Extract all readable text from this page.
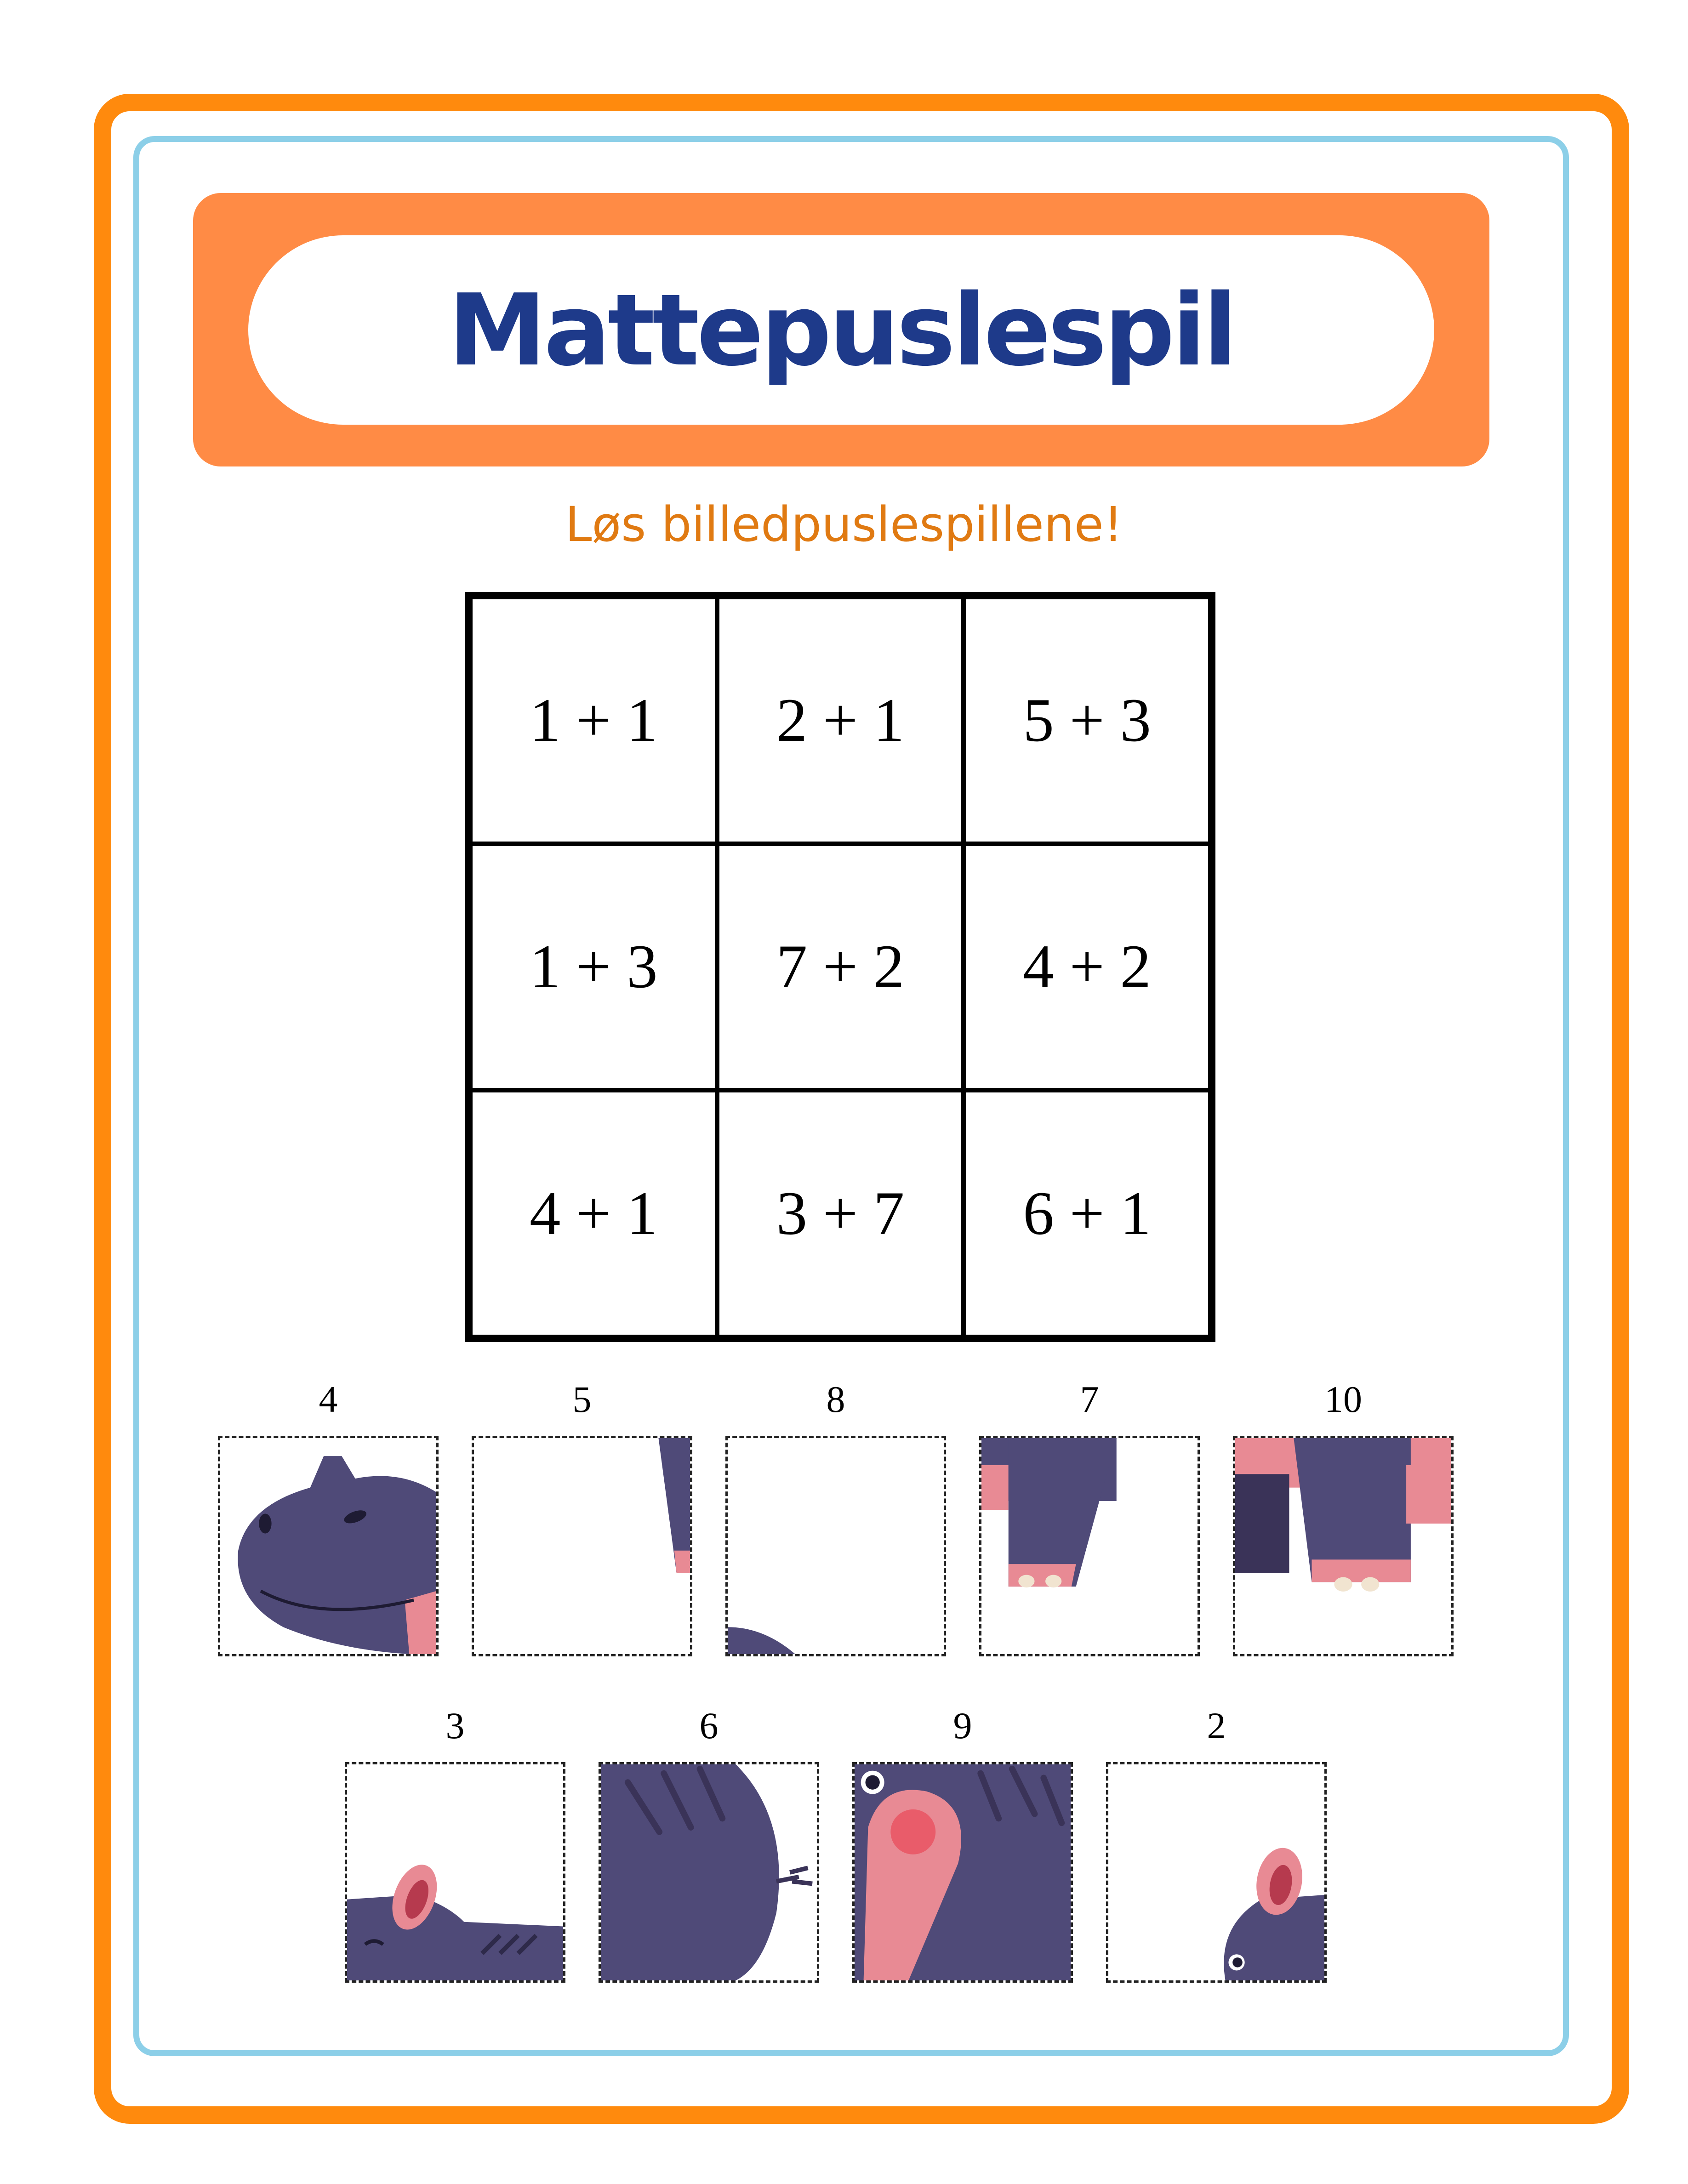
Mattepuslespil
Løs billedpuslespillene!
1 + 1	2 + 1	5 + 3
1 + 3	7 + 2	4 + 2
4 + 1	3 + 7	6 + 1
4	5	8	7	10
3	6	9	2
